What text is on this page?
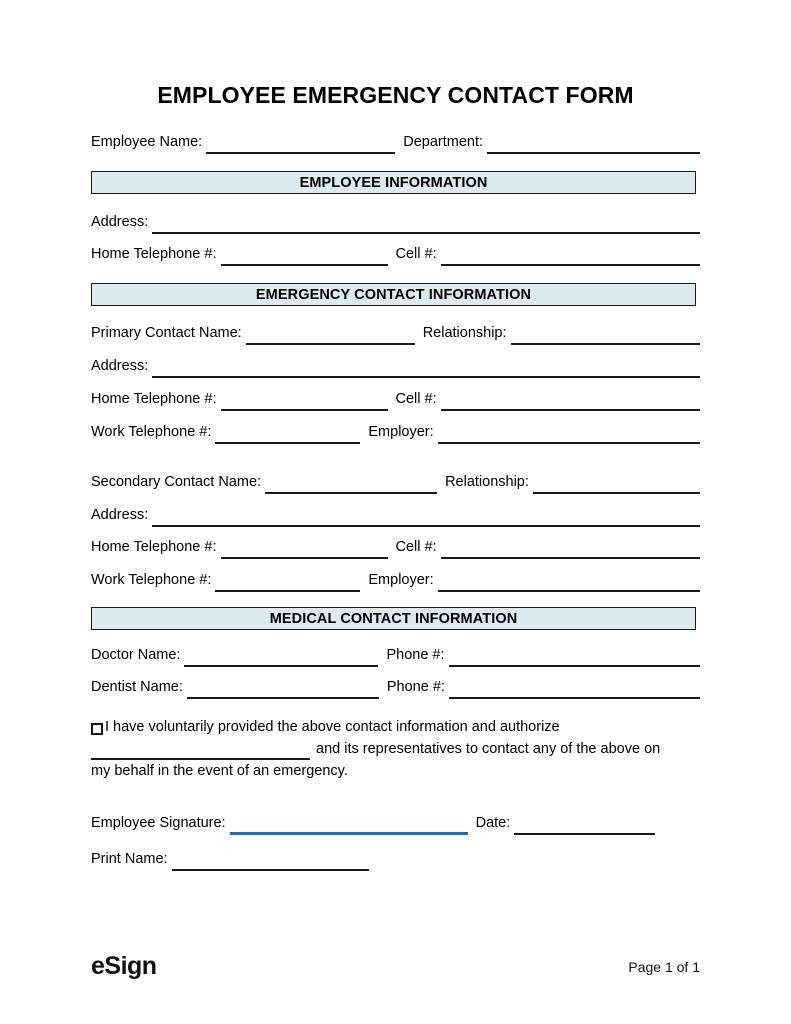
EMPLOYEE EMERGENCY CONTACT FORM
Employee Name:	Department:
EMPLOYEE INFORMATION
Address:
Home Telephone #:	Cell #:
EMERGENCY CONTACT INFORMATION
Primary Contact Name:	Relationship:
Address:
Home Telephone #:	Cell #:
Work Telephone #:	Employer:
Secondary Contact Name:	Relationship:
Address:
Home Telephone #:	Cell #:
Work Telephone #:	Employer:
MEDICAL CONTACT INFORMATION
Doctor Name:	Phone #:
Dentist Name:	Phone #:
I have voluntarily provided the above contact information and authorize
and its representatives to contact any of the above on
my behalf in the event of an emergency.
Employee Signature:	Date:
Print Name:
eSign	Page 1 of 1
